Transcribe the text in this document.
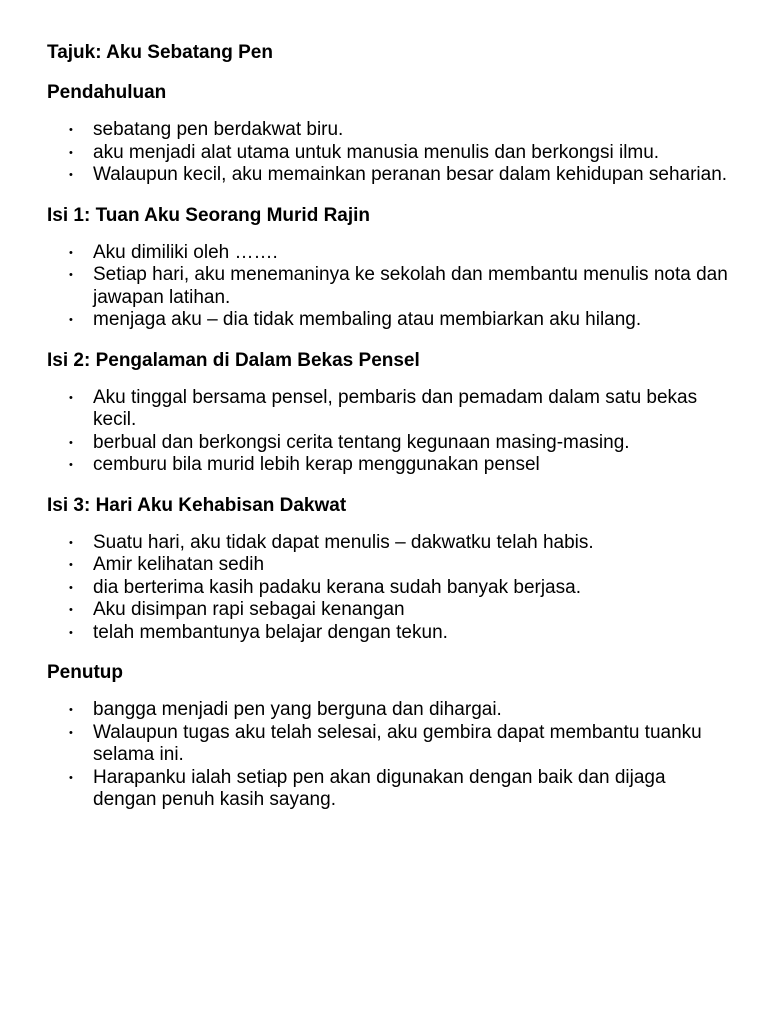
Tajuk: Aku Sebatang Pen
Pendahuluan
• sebatang pen berdakwat biru.
• aku menjadi alat utama untuk manusia menulis dan berkongsi ilmu.
• Walaupun kecil, aku memainkan peranan besar dalam kehidupan seharian.
Isi 1: Tuan Aku Seorang Murid Rajin
• Aku dimiliki oleh …….
• Setiap hari, aku menemaninya ke sekolah dan membantu menulis nota dan jawapan latihan.
• menjaga aku – dia tidak membaling atau membiarkan aku hilang.
Isi 2: Pengalaman di Dalam Bekas Pensel
• Aku tinggal bersama pensel, pembaris dan pemadam dalam satu bekas kecil.
• berbual dan berkongsi cerita tentang kegunaan masing-masing.
• cemburu bila murid lebih kerap menggunakan pensel
Isi 3: Hari Aku Kehabisan Dakwat
• Suatu hari, aku tidak dapat menulis – dakwatku telah habis.
• Amir kelihatan sedih
• dia berterima kasih padaku kerana sudah banyak berjasa.
• Aku disimpan rapi sebagai kenangan
• telah membantunya belajar dengan tekun.
Penutup
• bangga menjadi pen yang berguna dan dihargai.
• Walaupun tugas aku telah selesai, aku gembira dapat membantu tuanku selama ini.
• Harapanku ialah setiap pen akan digunakan dengan baik dan dijaga dengan penuh kasih sayang.
